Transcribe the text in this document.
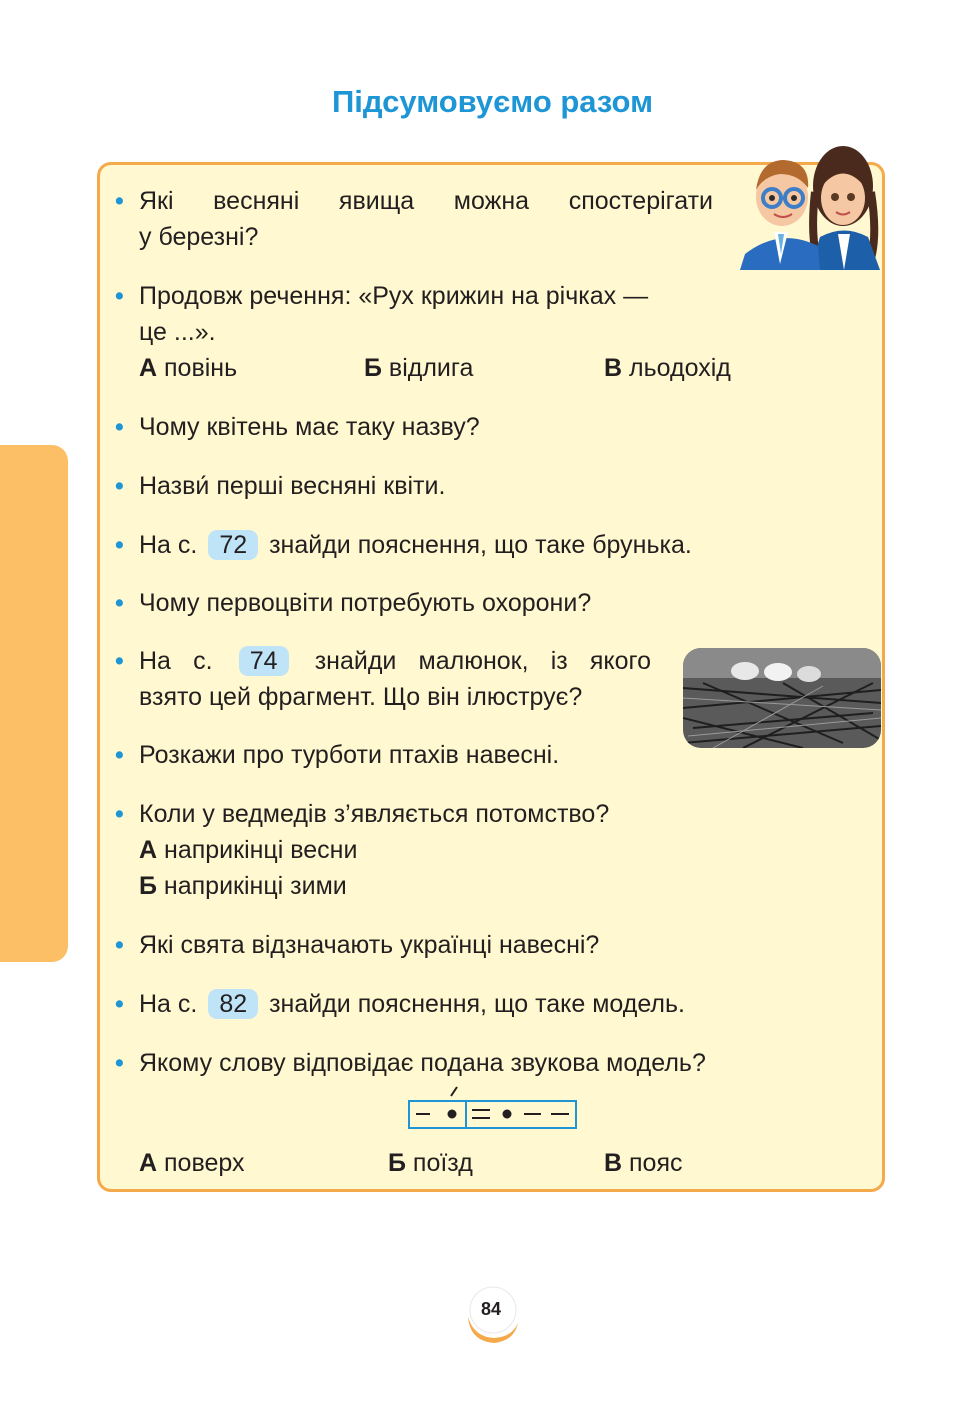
Підсумовуємо разом
• Які весняні явища можна спостерігати
у березні?
• Продовж речення: «Рух крижин на річках —
це ...».
А повінь	Б відлига	В льодохід
• Чому квітень має таку назву?
• Назви́ перші весняні квіти.
• На с. 72 знайди пояснення, що таке брунька.
• Чому первоцвіти потребують охорони?
• На с. 74 знайди малюнок, із якого
взято цей фрагмент. Що він ілюструє?
• Розкажи про турботи птахів навесні.
• Коли у ведмедів з’являється потомство?
А наприкінці весни
Б наприкінці зими
• Які свята відзначають українці навесні?
• На с. 82 знайди пояснення, що таке модель.
• Якому слову відповідає подана звукова модель?
А поверх	Б поїзд	В пояс
84
